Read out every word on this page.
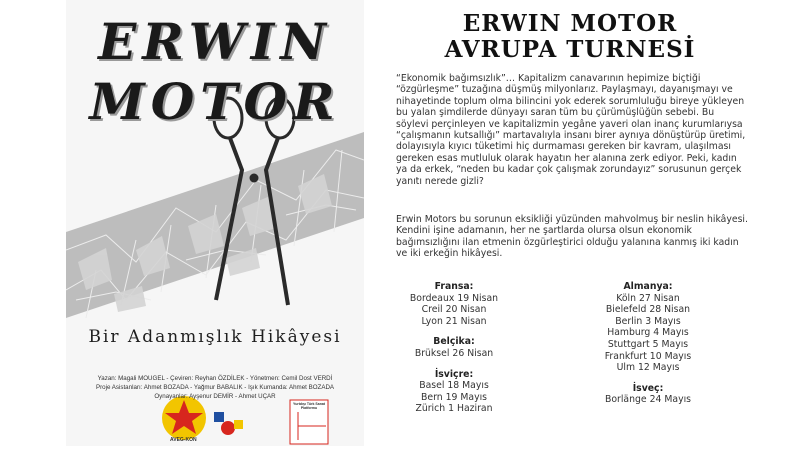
ERWIN
MOTOR
Bir Adanmışlık Hikâyesi
Yazan: Magali MOUGEL - Çeviren: Reyhan ÖZDİLEK - Yönetmen: Cemil Dost VERDİ
Proje Asistanları: Ahmet BOZADA - Yağmur BABALIK - Işık Kumanda: Ahmet BOZADA
Oynayanlar: Ayşenur DEMİR - Ahmet UÇAR
AVEG-KON
Yurtdışı Türk Sanat Platformu
ERWIN MOTOR
AVRUPA TURNESİ

“Ekonomik bağımsızlık”… Kapitalizm canavarının hepimize biçtiği “özgürleşme” tuzağına düşmüş milyonlarız. Paylaşmayı, dayanışmayı ve nihayetinde toplum olma bilincini yok ederek sorumluluğu bireye yükleyen bu yalan şimdilerde dünyayı saran tüm bu çürümüşlüğün sebebi. Bu söylevi perçinleyen ve kapitalizmin yegâne yaveri olan inanç kurumlarıysa “çalışmanın kutsallığı” martavalıyla insanı birer aynıya dönüştürüp üretimi, dolayısıyla kıyıcı tüketimi hiç durmaması gereken bir kavram, ulaşılması gereken esas mutluluk olarak hayatın her alanına zerk ediyor. Peki, kadın ya da erkek, “neden bu kadar çok çalışmak zorundayız” sorusunun gerçek yanıtı nerede gizli?

Erwin Motors bu sorunun eksikliği yüzünden mahvolmuş bir neslin hikâyesi. Kendini işine adamanın, her ne şartlarda olursa olsun ekonomik bağımsızlığını ilan etmenin özgürleştirici olduğu yalanına kanmış iki kadın ve iki erkeğin hikâyesi.

Fransa:
Bordeaux 19 Nisan
Creil 20 Nisan
Lyon 21 Nisan
Belçika:
Brüksel 26 Nisan
İsviçre:
Basel 18 Mayıs
Bern 19 Mayıs
Zürich 1 Haziran
Almanya:
Köln 27 Nisan
Bielefeld 28 Nisan
Berlin 3 Mayıs
Hamburg 4 Mayıs
Stuttgart 5 Mayıs
Frankfurt 10 Mayıs
Ulm 12 Mayıs
İsveç:
Borlänge 24 Mayıs
